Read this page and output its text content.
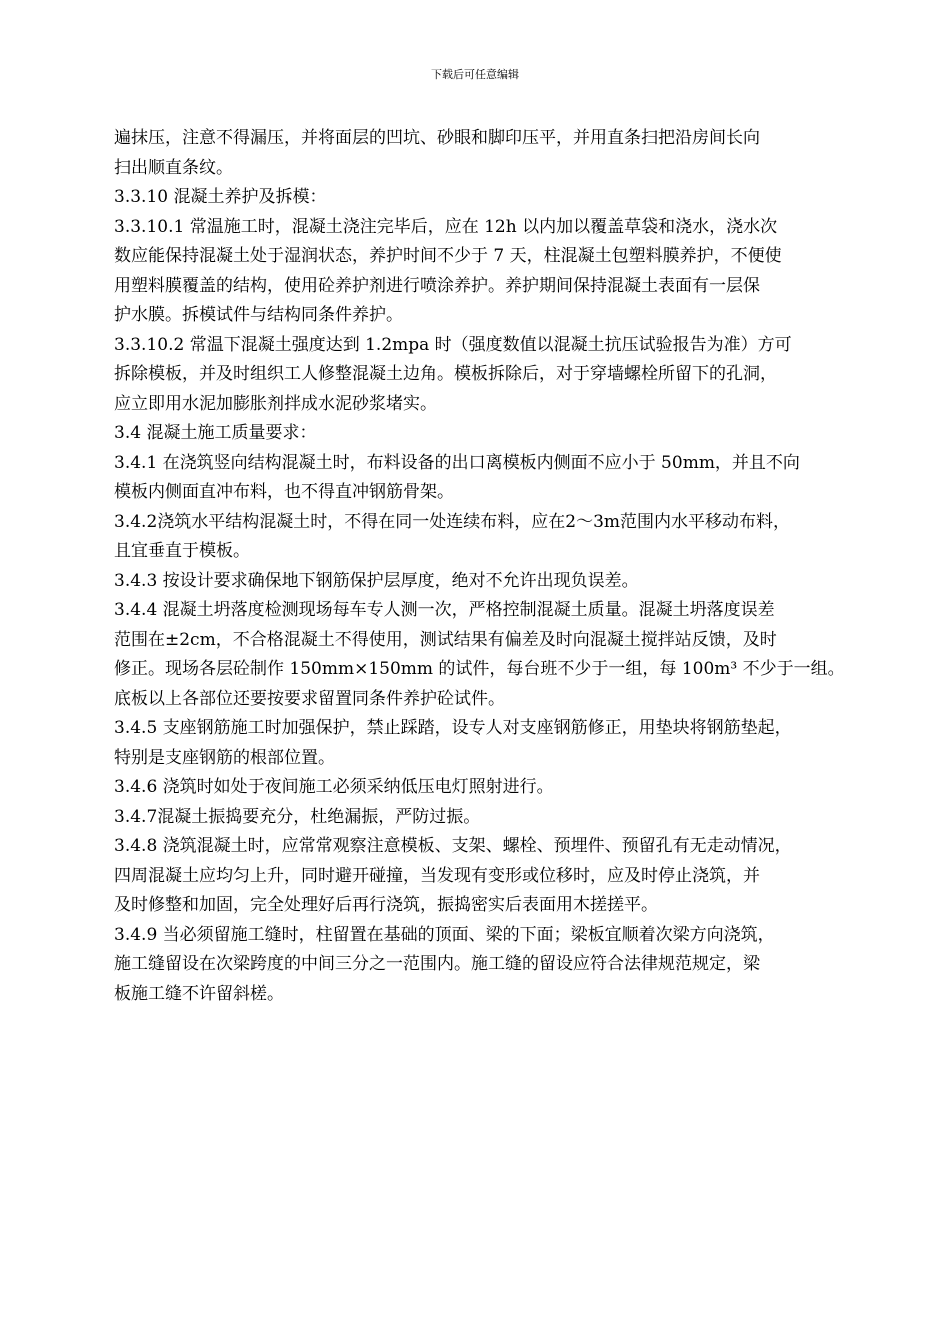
下载后可任意编辑
遍抹压，注意不得漏压，并将面层的凹坑、砂眼和脚印压平，并用直条扫把沿房间长向
扫出顺直条纹。
3.3.10 混凝土养护及拆模：
3.3.10.1 常温施工时，混凝土浇注完毕后，应在 12h 以内加以覆盖草袋和浇水，浇水次
数应能保持混凝土处于湿润状态，养护时间不少于 7 天，柱混凝土包塑料膜养护，不便使
用塑料膜覆盖的结构，使用砼养护剂进行喷涂养护。养护期间保持混凝土表面有一层保
护水膜。拆模试件与结构同条件养护。
3.3.10.2 常温下混凝土强度达到 1.2mpa 时（强度数值以混凝土抗压试验报告为准）方可
拆除模板，并及时组织工人修整混凝土边角。模板拆除后，对于穿墙螺栓所留下的孔洞，
应立即用水泥加膨胀剂拌成水泥砂浆堵实。
3.4 混凝土施工质量要求：
3.4.1 在浇筑竖向结构混凝土时，布料设备的出口离模板内侧面不应小于 50mm，并且不向
模板内侧面直冲布料，也不得直冲钢筋骨架。
3.4.2浇筑水平结构混凝土时，不得在同一处连续布料，应在2～3m范围内水平移动布料，
且宜垂直于模板。
3.4.3 按设计要求确保地下钢筋保护层厚度，绝对不允许出现负误差。
3.4.4 混凝土坍落度检测现场每车专人测一次，严格控制混凝土质量。混凝土坍落度误差
范围在±2cm，不合格混凝土不得使用，测试结果有偏差及时向混凝土搅拌站反馈，及时
修正。现场各层砼制作 150mm×150mm 的试件，每台班不少于一组，每 100m³ 不少于一组。
底板以上各部位还要按要求留置同条件养护砼试件。
3.4.5 支座钢筋施工时加强保护，禁止踩踏，设专人对支座钢筋修正，用垫块将钢筋垫起，
特别是支座钢筋的根部位置。
3.4.6 浇筑时如处于夜间施工必须采纳低压电灯照射进行。
3.4.7混凝土振捣要充分，杜绝漏振，严防过振。
3.4.8 浇筑混凝土时，应常常观察注意模板、支架、螺栓、预埋件、预留孔有无走动情况，
四周混凝土应均匀上升，同时避开碰撞，当发现有变形或位移时，应及时停止浇筑，并
及时修整和加固，完全处理好后再行浇筑，振捣密实后表面用木搓搓平。
3.4.9 当必须留施工缝时，柱留置在基础的顶面、梁的下面；梁板宜顺着次梁方向浇筑，
施工缝留设在次梁跨度的中间三分之一范围内。施工缝的留设应符合法律规范规定，梁
板施工缝不许留斜槎。
